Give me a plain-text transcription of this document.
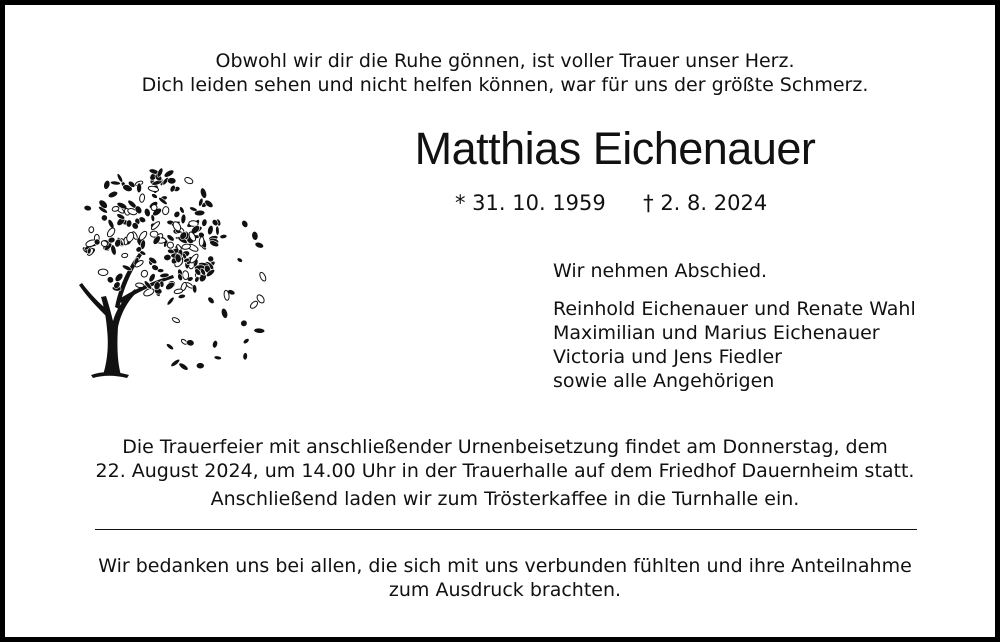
Obwohl wir dir die Ruhe gönnen, ist voller Trauer unser Herz.
Dich leiden sehen und nicht helfen können, war für uns der größte Schmerz.
Matthias Eichenauer
* 31. 10. 1959 † 2. 8. 2024
Wir nehmen Abschied.
Reinhold Eichenauer und Renate Wahl
Maximilian und Marius Eichenauer
Victoria und Jens Fiedler
sowie alle Angehörigen
Die Trauerfeier mit anschließender Urnenbeisetzung findet am Donnerstag, dem
22. August 2024, um 14.00 Uhr in der Trauerhalle auf dem Friedhof Dauernheim statt.
Anschließend laden wir zum Trösterkaffee in die Turnhalle ein.
Wir bedanken uns bei allen, die sich mit uns verbunden fühlten und ihre Anteilnahme
zum Ausdruck brachten.
